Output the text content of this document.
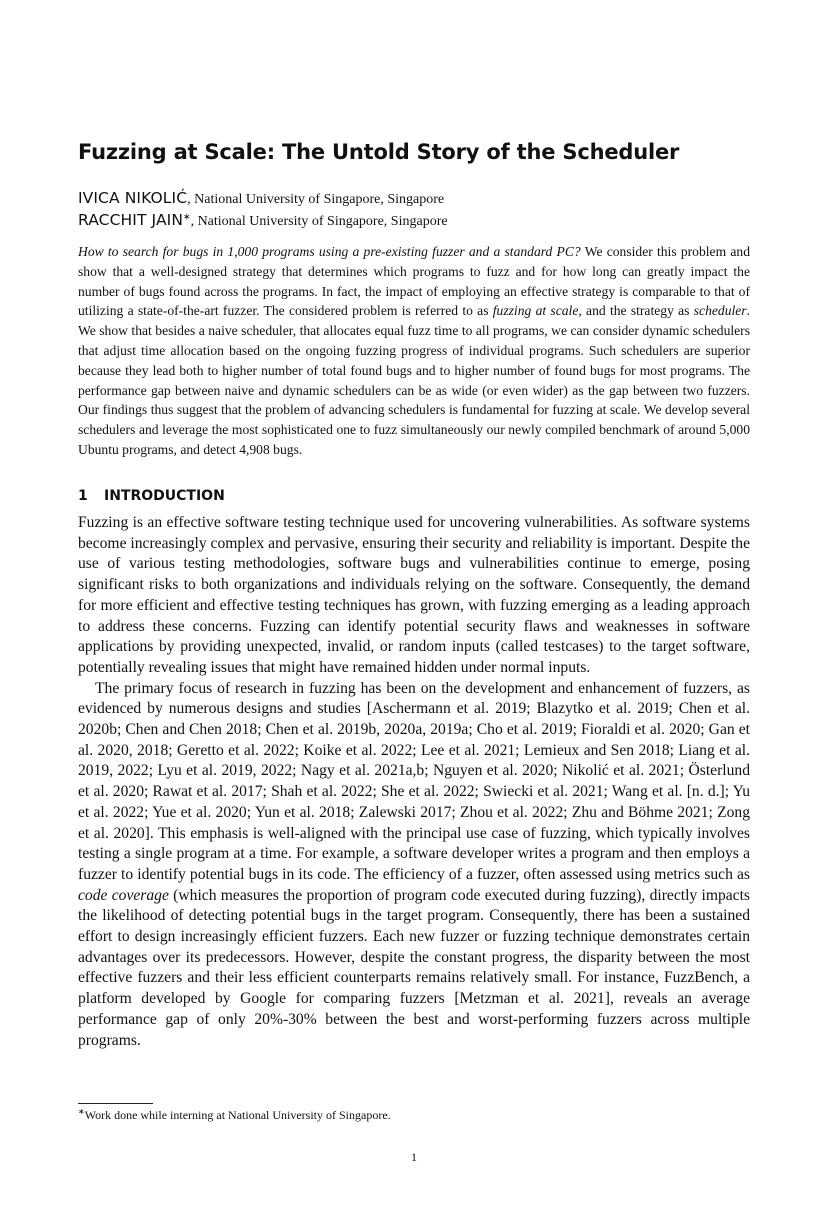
Fuzzing at Scale: The Untold Story of the Scheduler
IVICA NIKOLIĆ, National University of Singapore, Singapore
RACCHIT JAIN∗, National University of Singapore, Singapore

How to search for bugs in 1,000 programs using a pre-existing fuzzer and a standard PC? We consider this problem and show that a well-designed strategy that determines which programs to fuzz and for how long can greatly impact the number of bugs found across the programs. In fact, the impact of employing an effective strategy is comparable to that of utilizing a state-of-the-art fuzzer. The considered problem is referred to as fuzzing at scale, and the strategy as scheduler. We show that besides a naive scheduler, that allocates equal fuzz time to all programs, we can consider dynamic schedulers that adjust time allocation based on the ongoing fuzzing progress of individual programs. Such schedulers are superior because they lead both to higher number of total found bugs and to higher number of found bugs for most programs. The performance gap between naive and dynamic schedulers can be as wide (or even wider) as the gap between two fuzzers. Our findings thus suggest that the problem of advancing schedulers is fundamental for fuzzing at scale. We develop several schedulers and leverage the most sophisticated one to fuzz simultaneously our newly compiled benchmark of around 5,000 Ubuntu programs, and detect 4,908 bugs.

1 INTRODUCTION

Fuzzing is an effective software testing technique used for uncovering vulnerabilities. As software systems become increasingly complex and pervasive, ensuring their security and reliability is important. Despite the use of various testing methodologies, software bugs and vulnerabilities continue to emerge, posing significant risks to both organizations and individuals relying on the software. Consequently, the demand for more efficient and effective testing techniques has grown, with fuzzing emerging as a leading approach to address these concerns. Fuzzing can identify potential security flaws and weaknesses in software applications by providing unexpected, invalid, or random inputs (called testcases) to the target software, potentially revealing issues that might have remained hidden under normal inputs.

The primary focus of research in fuzzing has been on the development and enhancement of fuzzers, as evidenced by numerous designs and studies [Aschermann et al. 2019; Blazytko et al. 2019; Chen et al. 2020b; Chen and Chen 2018; Chen et al. 2019b, 2020a, 2019a; Cho et al. 2019; Fioraldi et al. 2020; Gan et al. 2020, 2018; Geretto et al. 2022; Koike et al. 2022; Lee et al. 2021; Lemieux and Sen 2018; Liang et al. 2019, 2022; Lyu et al. 2019, 2022; Nagy et al. 2021a,b; Nguyen et al. 2020; Nikolić et al. 2021; Österlund et al. 2020; Rawat et al. 2017; Shah et al. 2022; She et al. 2022; Swiecki et al. 2021; Wang et al. [n. d.]; Yu et al. 2022; Yue et al. 2020; Yun et al. 2018; Zalewski 2017; Zhou et al. 2022; Zhu and Böhme 2021; Zong et al. 2020]. This emphasis is well-aligned with the principal use case of fuzzing, which typically involves testing a single program at a time. For example, a software developer writes a program and then employs a fuzzer to identify potential bugs in its code. The efficiency of a fuzzer, often assessed using metrics such as code coverage (which measures the proportion of program code executed during fuzzing), directly impacts the likelihood of detecting potential bugs in the target program. Consequently, there has been a sustained effort to design increasingly efficient fuzzers. Each new fuzzer or fuzzing technique demonstrates certain advantages over its predecessors. However, despite the constant progress, the disparity between the most effective fuzzers and their less efficient counterparts remains relatively small. For instance, FuzzBench, a platform developed by Google for comparing fuzzers [Metzman et al. 2021], reveals an average performance gap of only 20%-30% between the best and worst-performing fuzzers across multiple programs.

∗Work done while interning at National University of Singapore.
1
